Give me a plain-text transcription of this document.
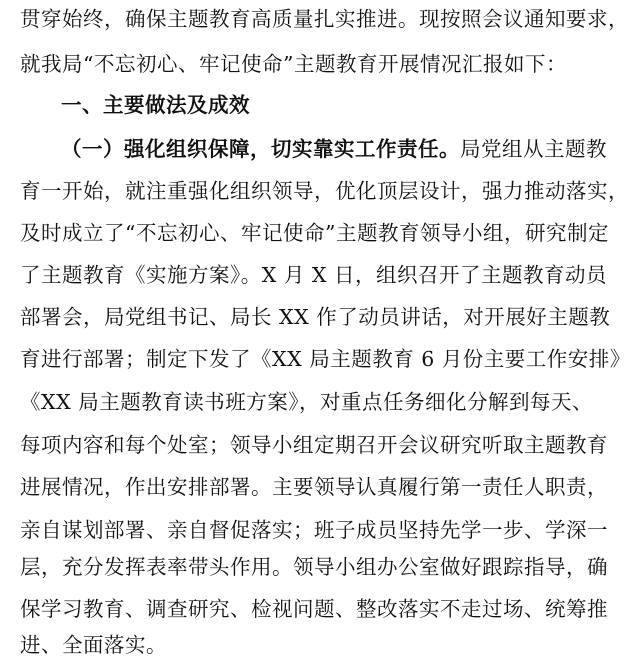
贯穿始终，确保主题教育高质量扎实推进。现按照会议通知要求，
就我局“不忘初心、牢记使命”主题教育开展情况汇报如下：
一、主要做法及成效
（一）强化组织保障，切实靠实工作责任。局党组从主题教
育一开始，就注重强化组织领导，优化顶层设计，强力推动落实，
及时成立了“不忘初心、牢记使命”主题教育领导小组，研究制定
了主题教育《实施方案》。X 月 X 日，组织召开了主题教育动员
部署会，局党组书记、局长 XX 作了动员讲话，对开展好主题教
育进行部署；制定下发了《XX 局主题教育 6 月份主要工作安排》
《XX 局主题教育读书班方案》，对重点任务细化分解到每天、
每项内容和每个处室；领导小组定期召开会议研究听取主题教育
进展情况，作出安排部署。主要领导认真履行第一责任人职责，
亲自谋划部署、亲自督促落实；班子成员坚持先学一步、学深一
层，充分发挥表率带头作用。领导小组办公室做好跟踪指导，确
保学习教育、调查研究、检视问题、整改落实不走过场、统筹推
进、全面落实。
